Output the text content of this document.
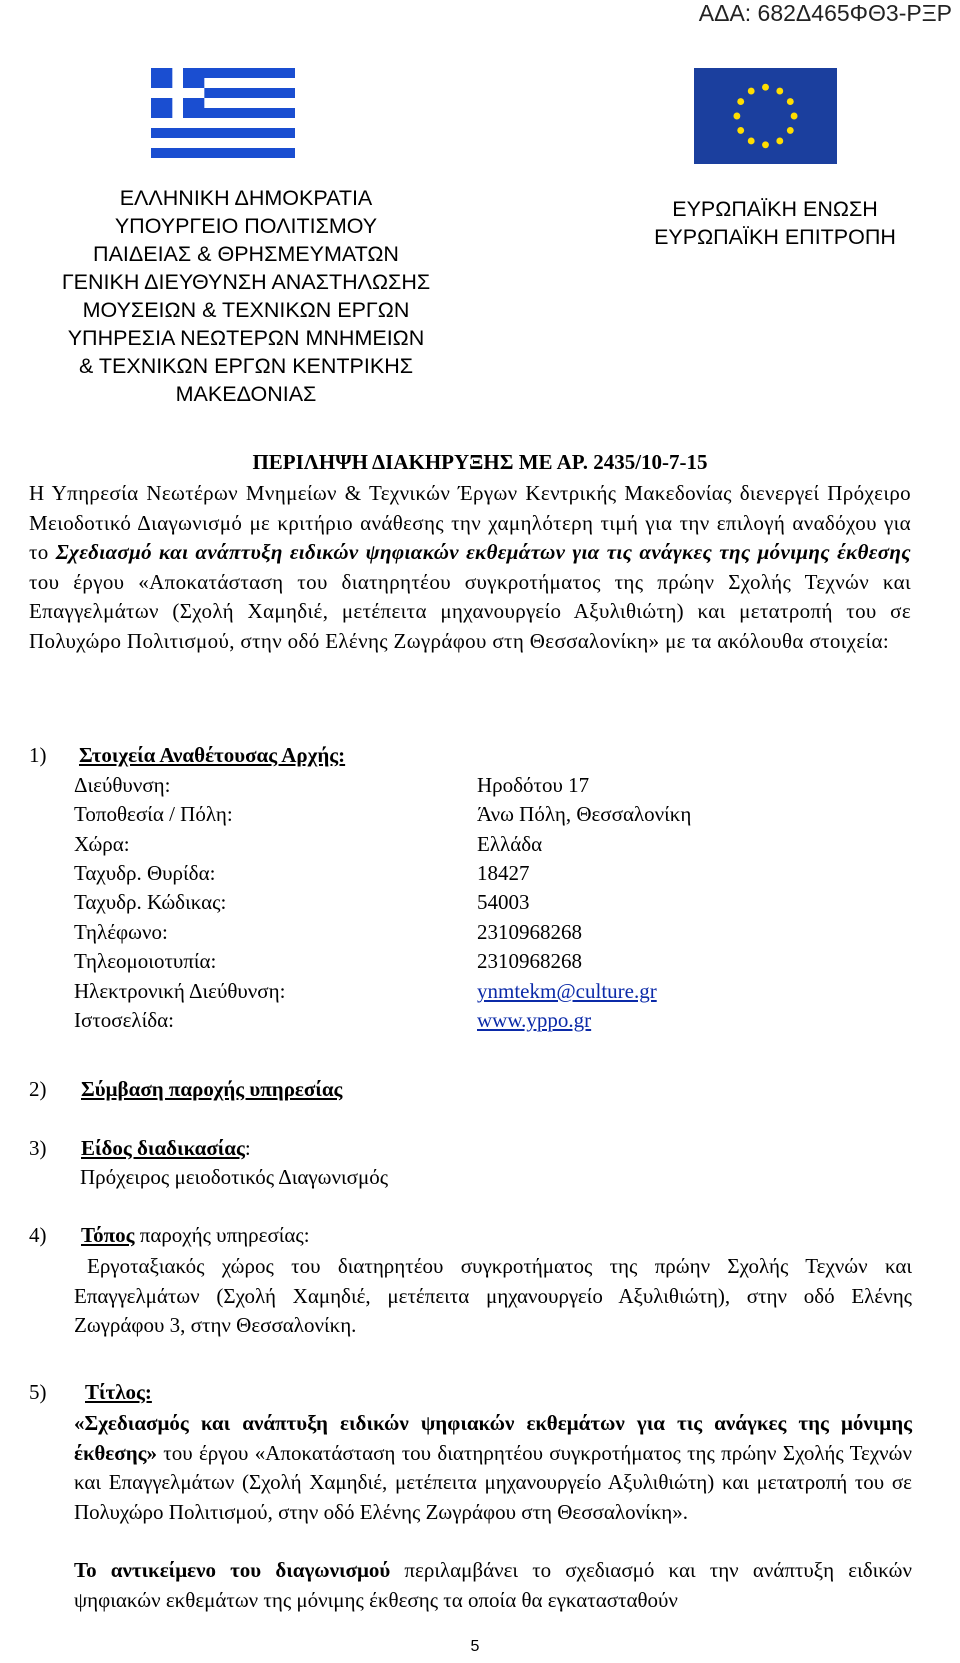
ΑΔΑ: 682Δ465ΦΘ3-ΡΞΡ
ΕΛΛΗΝΙΚΗ ΔΗΜΟΚΡΑΤΙΑ
ΥΠΟΥΡΓΕΙΟ ΠΟΛΙΤΙΣΜΟΥ
ΠΑΙΔΕΙΑΣ & ΘΡΗΣΜΕΥΜΑΤΩΝ
ΓΕΝΙΚΗ ΔΙΕΥΘΥΝΣΗ ΑΝΑΣΤΗΛΩΣΗΣ
ΜΟΥΣΕΙΩΝ & ΤΕΧΝΙΚΩΝ ΕΡΓΩΝ
ΥΠΗΡΕΣΙΑ ΝΕΩΤΕΡΩΝ ΜΝΗΜΕΙΩΝ
& ΤΕΧΝΙΚΩΝ ΕΡΓΩΝ ΚΕΝΤΡΙΚΗΣ
ΜΑΚΕΔΟΝΙΑΣ
ΕΥΡΩΠΑΪΚΗ ΕΝΩΣΗ
ΕΥΡΩΠΑΪΚΗ ΕΠΙΤΡΟΠΗ
ΠΕΡΙΛΗΨΗ ΔΙΑΚΗΡΥΞΗΣ ΜΕ ΑΡ. 2435/10-7-15
Η Υπηρεσία Νεωτέρων Μνημείων & Τεχνικών Έργων Κεντρικής Μακεδονίας διενεργεί Πρόχειρο Μειοδοτικό Διαγωνισμό με κριτήριο ανάθεσης την χαμηλότερη τιμή για την επιλογή αναδόχου για το Σχεδιασμό και ανάπτυξη ειδικών ψηφιακών εκθεμάτων για τις ανάγκες της μόνιμης έκθεσης του έργου «Αποκατάσταση του διατηρητέου συγκροτήματος της πρώην Σχολής Τεχνών και Επαγγελμάτων (Σχολή Χαμηδιέ, μετέπειτα μηχανουργείο Αξυλιθιώτη) και μετατροπή του σε Πολυχώρο Πολιτισμού, στην οδό Ελένης Ζωγράφου στη Θεσσαλονίκη» με τα ακόλουθα στοιχεία:
1) Στοιχεία Αναθέτουσας Αρχής:
Διεύθυνση:	Ηροδότου 17
Τοποθεσία / Πόλη:	Άνω Πόλη, Θεσσαλονίκη
Χώρα:	Ελλάδα
Ταχυδρ. Θυρίδα:	18427
Ταχυδρ. Κώδικας:	54003
Τηλέφωνο:	2310968268
Τηλεομοιοτυπία:	2310968268
Ηλεκτρονική Διεύθυνση:	ynmtekm@culture.gr
Ιστοσελίδα:	www.yppo.gr
2) Σύμβαση παροχής υπηρεσίας
3) Είδος διαδικασίας:
Πρόχειρος μειοδοτικός Διαγωνισμός
4) Τόπος παροχής υπηρεσίας:
Εργοταξιακός χώρος του διατηρητέου συγκροτήματος της πρώην Σχολής Τεχνών και Επαγγελμάτων (Σχολή Χαμηδιέ, μετέπειτα μηχανουργείο Αξυλιθιώτη), στην οδό Ελένης Ζωγράφου 3, στην Θεσσαλονίκη.
5) Τίτλος:
«Σχεδιασμός και ανάπτυξη ειδικών ψηφιακών εκθεμάτων για τις ανάγκες της μόνιμης έκθεσης» του έργου «Αποκατάσταση του διατηρητέου συγκροτήματος της πρώην Σχολής Τεχνών και Επαγγελμάτων (Σχολή Χαμηδιέ, μετέπειτα μηχανουργείο Αξυλιθιώτη) και μετατροπή του σε Πολυχώρο Πολιτισμού, στην οδό Ελένης Ζωγράφου στη Θεσσαλονίκη».
Το αντικείμενο του διαγωνισμού περιλαμβάνει το σχεδιασμό και την ανάπτυξη ειδικών ψηφιακών εκθεμάτων της μόνιμης έκθεσης τα οποία θα εγκατασταθούν
5
